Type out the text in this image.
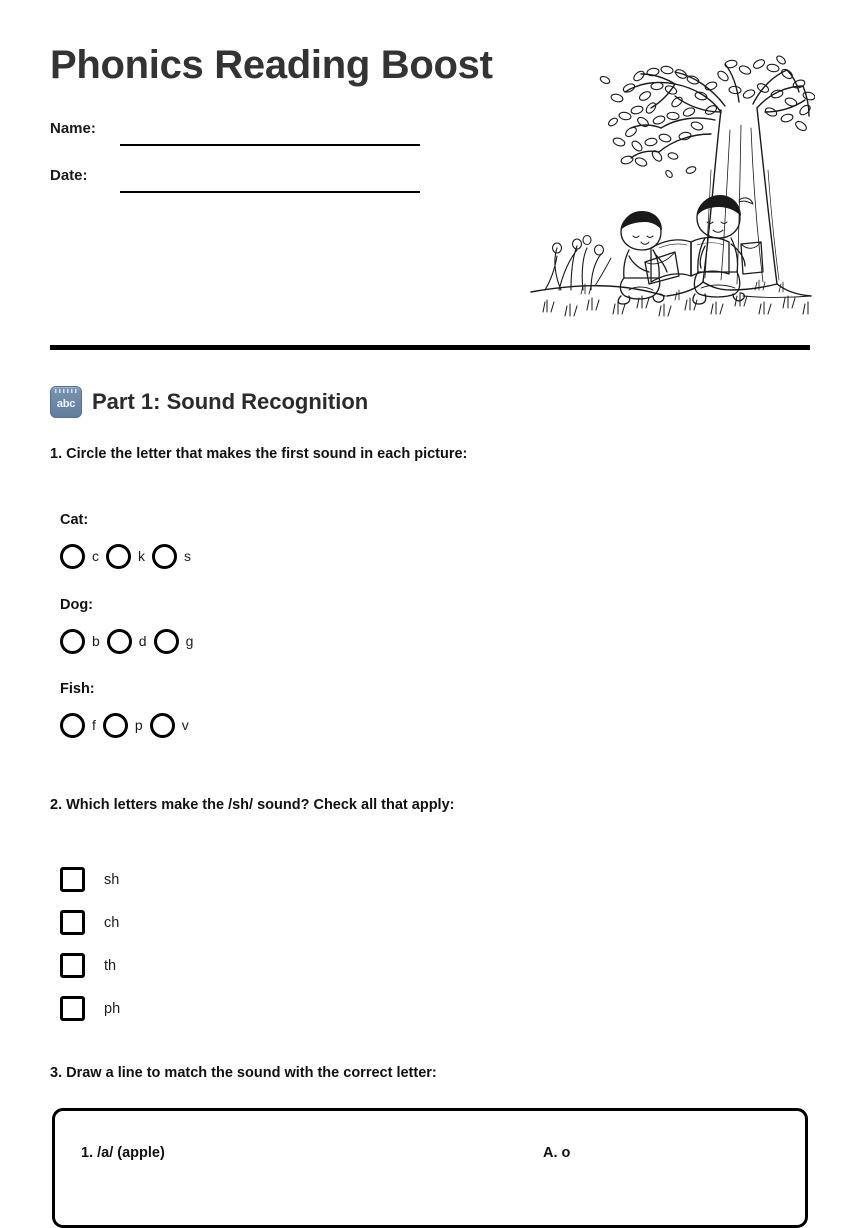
Phonics Reading Boost
Name:
Date:
abc Part 1: Sound Recognition
1. Circle the letter that makes the first sound in each picture:
Cat:
c	k	s
Dog:
b	d	g
Fish:
f	p	v
2. Which letters make the /sh/ sound? Check all that apply:
sh
ch
th
ph
3. Draw a line to match the sound with the correct letter:
1. /a/ (apple)	A. o
